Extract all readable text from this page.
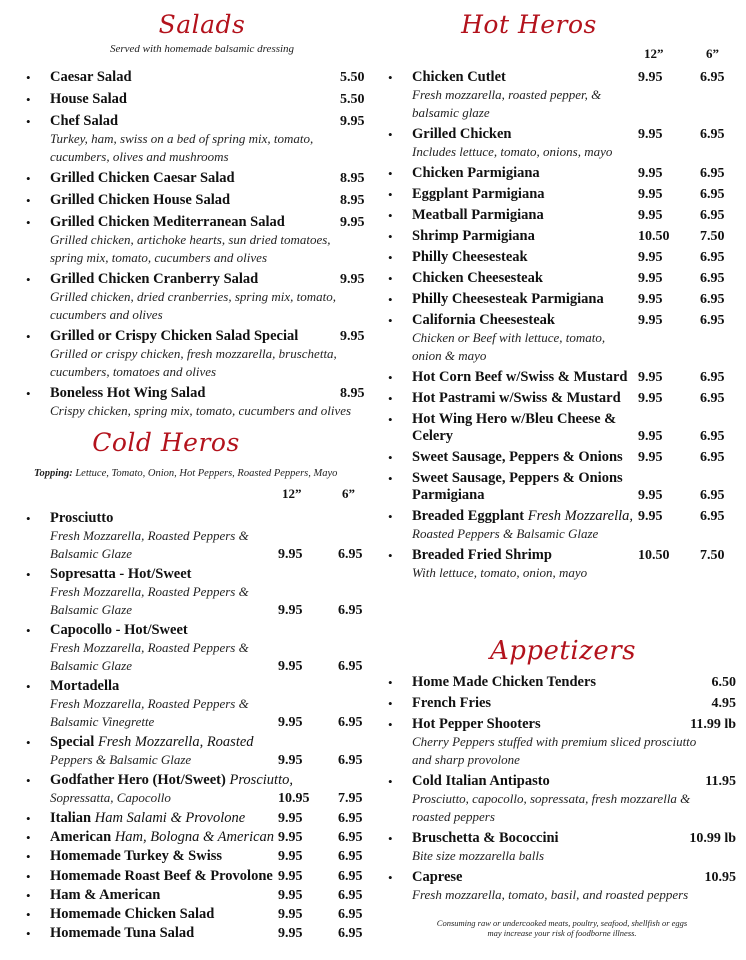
Salads
Served with homemade balsamic dressing
• Caesar Salad	5.50
• House Salad	5.50
• Chef Salad
Turkey, ham, swiss on a bed of spring mix, tomato, cucumbers, olives and mushrooms
9.95
• Grilled Chicken Caesar Salad	8.95
• Grilled Chicken House Salad	8.95
• Grilled Chicken Mediterranean Salad
Grilled chicken, artichoke hearts, sun dried tomatoes, spring mix, tomato, cucumbers and olives
9.95
• Grilled Chicken Cranberry Salad
Grilled chicken, dried cranberries, spring mix, tomato, cucumbers and olives
9.95
• Grilled or Crispy Chicken Salad Special
Grilled or crispy chicken, fresh mozzarella, bruschetta, cucumbers, tomatoes and olives
9.95
• Boneless Hot Wing Salad
Crispy chicken, spring mix, tomato, cucumbers and olives
8.95
Cold Heros
Topping: Lettuce, Tomato, Onion, Hot Peppers, Roasted Peppers, Mayo
12”	6”
• Prosciutto
Fresh Mozzarella, Roasted Peppers & Balsamic Glaze	9.95	6.95
• Sopresatta - Hot/Sweet
Fresh Mozzarella, Roasted Peppers & Balsamic Glaze	9.95	6.95
• Capocollo - Hot/Sweet
Fresh Mozzarella, Roasted Peppers & Balsamic Glaze	9.95	6.95
• Mortadella
Fresh Mozzarella, Roasted Peppers & Balsamic Vinegrette	9.95	6.95
• Special Fresh Mozzarella, Roasted
Peppers & Balsamic Glaze	9.95	6.95
• Godfather Hero (Hot/Sweet) Prosciutto,
Sopressatta, Capocollo	10.95 7.95
• Italian Ham Salami & Provolone	9.95	6.95
• American Ham, Bologna & American 9.95	6.95
• Homemade Turkey & Swiss	9.95	6.95
• Homemade Roast Beef & Provolone 9.95	6.95
• Ham & American	9.95	6.95
• Homemade Chicken Salad	9.95	6.95
• Homemade Tuna Salad	9.95	6.95
Hot Heros
12”	6”
• Chicken Cutlet
Fresh mozzarella, roasted pepper, & balsamic glaze
9.95	6.95
• Grilled Chicken
Includes lettuce, tomato, onions, mayo
9.95	6.95
• Chicken Parmigiana	9.95	6.95
• Eggplant Parmigiana	9.95	6.95
• Meatball Parmigiana	9.95	6.95
• Shrimp Parmigiana	10.50 7.50
• Philly Cheesesteak	9.95	6.95
• Chicken Cheesesteak	9.95	6.95
• Philly Cheesesteak Parmigiana	9.95	6.95
• California Cheesesteak
Chicken or Beef with lettuce, tomato, onion & mayo
9.95	6.95
• Hot Corn Beef w/Swiss & Mustard 9.95	6.95
• Hot Pastrami w/Swiss & Mustard	9.95	6.95
• Hot Wing Hero w/Bleu Cheese & Celery	9.95	6.95
• Sweet Sausage, Peppers & Onions	9.95	6.95
• Sweet Sausage, Peppers & Onions Parmigiana	9.95	6.95
• Breaded Eggplant Fresh Mozzarella,
Roasted Peppers & Balsamic Glaze
9.95	6.95
• Breaded Fried Shrimp
With lettuce, tomato, onion, mayo
10.50 7.50
Appetizers
• Home Made Chicken Tenders	6.50
• French Fries	4.95
• Hot Pepper Shooters
Cherry Peppers stuffed with premium sliced prosciutto and sharp provolone
11.99 lb
• Cold Italian Antipasto
Prosciutto, capocollo, sopressata, fresh mozzarella & roasted peppers
11.95
• Bruschetta & Bococcini
Bite size mozzarella balls
10.99 lb
• Caprese
Fresh mozzarella, tomato, basil, and roasted peppers
10.95
Consuming raw or undercooked meats, poultry, seafood, shellfish or eggs
may increase your risk of foodborne illness.
